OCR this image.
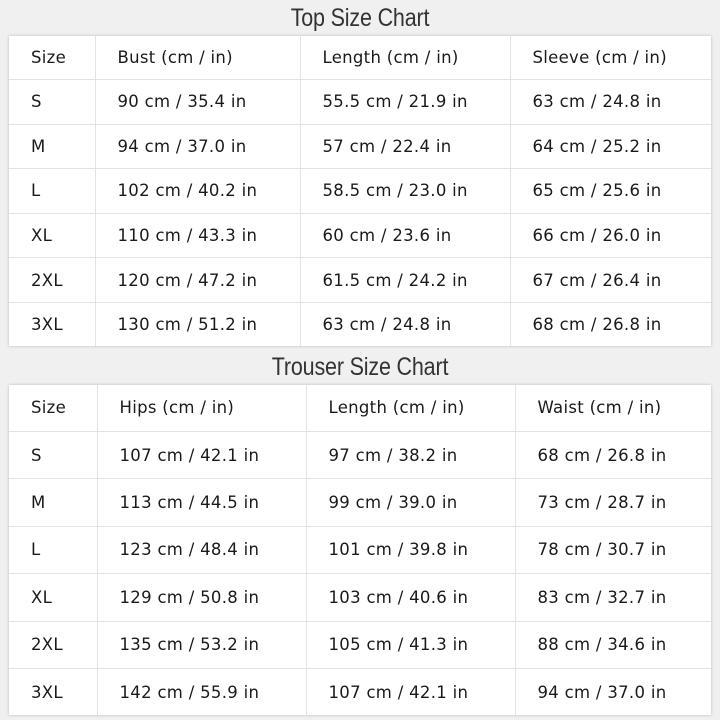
Top Size Chart
Size	Bust (cm / in)	Length (cm / in)	Sleeve (cm / in)
S	90 cm / 35.4 in	55.5 cm / 21.9 in	63 cm / 24.8 in
M	94 cm / 37.0 in	57 cm / 22.4 in	64 cm / 25.2 in
L	102 cm / 40.2 in	58.5 cm / 23.0 in	65 cm / 25.6 in
XL	110 cm / 43.3 in	60 cm / 23.6 in	66 cm / 26.0 in
2XL	120 cm / 47.2 in	61.5 cm / 24.2 in	67 cm / 26.4 in
3XL	130 cm / 51.2 in	63 cm / 24.8 in	68 cm / 26.8 in
Trouser Size Chart
Size	Hips (cm / in)	Length (cm / in)	Waist (cm / in)
S	107 cm / 42.1 in	97 cm / 38.2 in	68 cm / 26.8 in
M	113 cm / 44.5 in	99 cm / 39.0 in	73 cm / 28.7 in
L	123 cm / 48.4 in	101 cm / 39.8 in	78 cm / 30.7 in
XL	129 cm / 50.8 in	103 cm / 40.6 in	83 cm / 32.7 in
2XL	135 cm / 53.2 in	105 cm / 41.3 in	88 cm / 34.6 in
3XL	142 cm / 55.9 in	107 cm / 42.1 in	94 cm / 37.0 in
